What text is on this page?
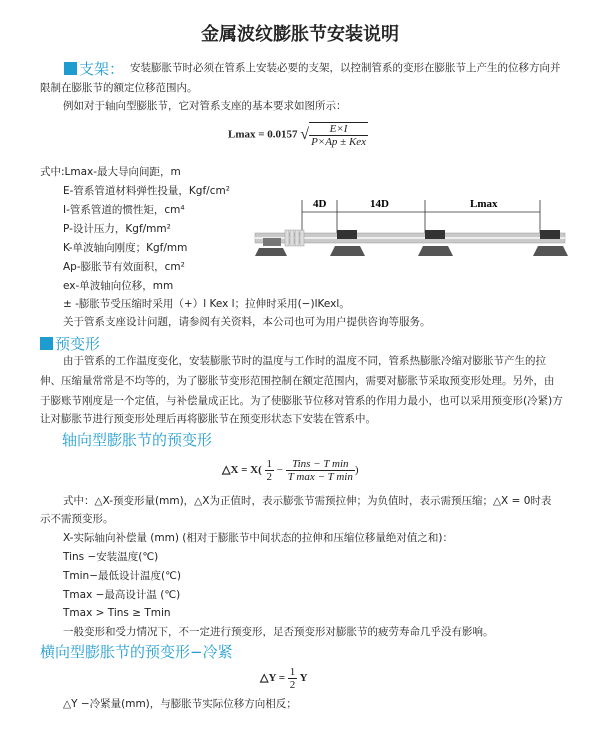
金属波纹膨胀节安装说明
支架： 安装膨胀节时必须在管系上安装必要的支架，以控制管系的变形在膨胀节上产生的位移方向并
限制在膨胀节的额定位移范围内。
例如对于轴向型膨胀节，它对管系支座的基本要求如图所示：
Lmax = 0.0157 √ $\frac{E\times I}{\text{P×Ap ± Kex}}$
式中:Lmax-最大导向间距，m
E-管系管道材料弹性投量，Kgf/cm²
I-管系管道的惯性矩，cm⁴
P-设计压力，Kgf/mm²
K-单波轴向刚度；Kgf/mm
Ap-膨胀节有效面积，cm²
ex-单波轴向位移，mm
± -膨胀节受压缩时采用（+）l Kex l；拉伸时采用(−)lKexl。
关于管系支座设计问题，请参阅有关资料，本公司也可为用户提供咨询等服务。
4D	14D	Lmax
预变形
由于管系的工作温度变化，安装膨胀节时的温度与工作时的温度不同，管系热膨胀冷缩对膨胀节产生的拉
伸、压缩量常常是不均等的，为了膨胀节变形范围控制在额定范围内，需要对膨胀节采取预变形处理。另外，由
于膨账节刚度是一个定值，与补偿量成正比。为了使膨胀节位移对管系的作用力最小，也可以采用预变形(冷紧)方
让对膨胀节进行预变形处理后再将膨胀节在预变形状态下安装在管系中。
轴向型膨胀节的预变形
△X = $X( \frac{1}{2} - \frac{\text{Tins − T min}}{\text{T max − T min}}$ )
式中：△X-预变形量(mm)，△X为正值时，表示膨张节需预拉伸；为负值时，表示需预压缩；△X = 0时表
示不需预变形。
X-实际轴向补偿量 (mm) (相对于膨胀节中间状态的拉伸和压缩位移量绝对值之和)：
Tins −安装温度(℃)
Tmin−最低设计温度(℃)
Tmax −最高设计温 (℃)
Tmax > Tins ≥ Tmin
一般变形和受力情况下，不一定进行预变形，足否预变形对膨胀节的疲劳寿命几乎没有影响。
横向型膨胀节的预变形−冷紧
△Y = $\frac{1}{2}$ Y
△Y −冷紧量(mm)，与膨胀节实际位移方向相反；
